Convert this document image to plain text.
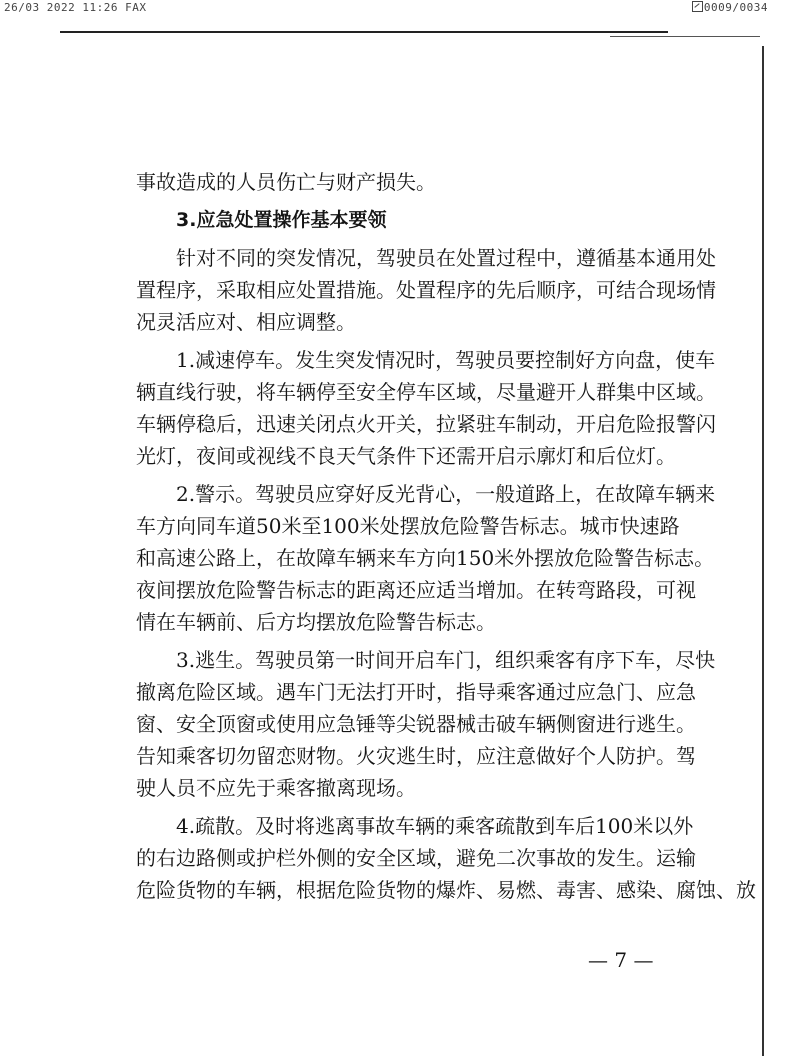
26/03 2022 11:26 FAX	0009/0034
事故造成的人员伤亡与财产损失。
3.应急处置操作基本要领
针对不同的突发情况，驾驶员在处置过程中，遵循基本通用处
置程序，采取相应处置措施。处置程序的先后顺序，可结合现场情
况灵活应对、相应调整。
1.减速停车。发生突发情况时，驾驶员要控制好方向盘，使车
辆直线行驶，将车辆停至安全停车区域，尽量避开人群集中区域。
车辆停稳后，迅速关闭点火开关，拉紧驻车制动，开启危险报警闪
光灯，夜间或视线不良天气条件下还需开启示廓灯和后位灯。
2.警示。驾驶员应穿好反光背心，一般道路上，在故障车辆来
车方向同车道50米至100米处摆放危险警告标志。城市快速路
和高速公路上，在故障车辆来车方向150米外摆放危险警告标志。
夜间摆放危险警告标志的距离还应适当增加。在转弯路段，可视
情在车辆前、后方均摆放危险警告标志。
3.逃生。驾驶员第一时间开启车门，组织乘客有序下车，尽快
撤离危险区域。遇车门无法打开时，指导乘客通过应急门、应急
窗、安全顶窗或使用应急锤等尖锐器械击破车辆侧窗进行逃生。
告知乘客切勿留恋财物。火灾逃生时，应注意做好个人防护。驾
驶人员不应先于乘客撤离现场。
4.疏散。及时将逃离事故车辆的乘客疏散到车后100米以外
的右边路侧或护栏外侧的安全区域，避免二次事故的发生。运输
危险货物的车辆，根据危险货物的爆炸、易燃、毒害、感染、腐蚀、放
— 7 —
